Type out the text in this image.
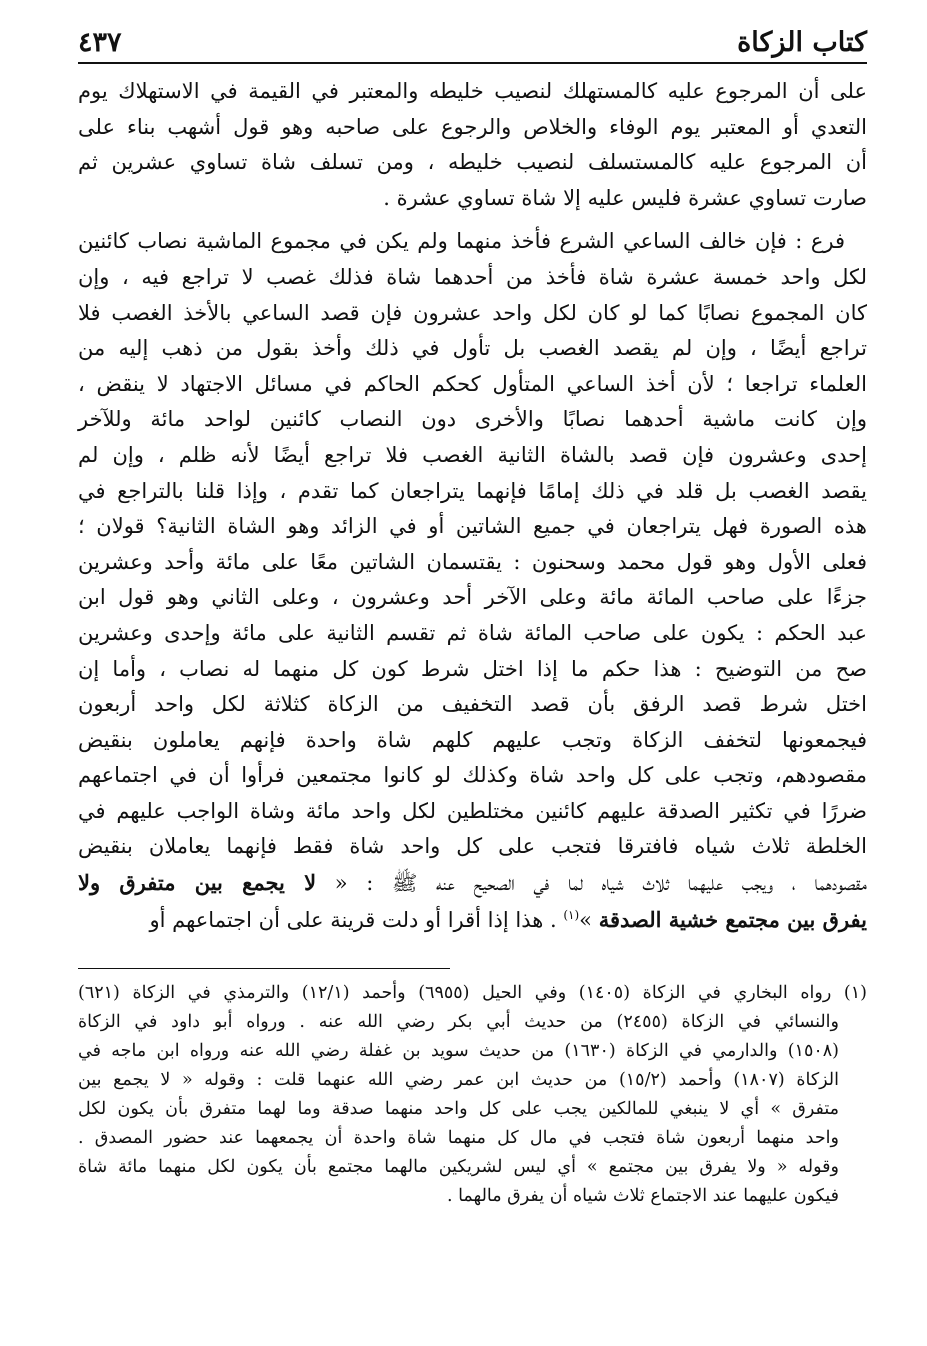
كتاب الزكاة
٤٣٧

على أن المرجوع عليه كالمستهلك لنصيب خليطه والمعتبر في القيمة في الاستهلاك يوم

التعدي أو المعتبر يوم الوفاء والخلاص والرجوع على صاحبه وهو قول أشهب بناء على

أن المرجوع عليه كالمستسلف لنصيب خليطه ، ومن تسلف شاة تساوي عشرين ثم

صارت تساوي عشرة فليس عليه إلا شاة تساوي عشرة .

فرع : فإن خالف الساعي الشرع فأخذ منهما ولم يكن في مجموع الماشية نصاب كائنين

لكل واحد خمسة عشرة شاة فأخذ من أحدهما شاة فذلك غصب لا تراجع فيه ، وإن

كان المجموع نصابًا كما لو كان لكل واحد عشرون فإن قصد الساعي بالأخذ الغصب فلا

تراجع أيضًا ، وإن لم يقصد الغصب بل تأول في ذلك وأخذ بقول من ذهب إليه من

العلماء تراجعا ؛ لأن أخذ الساعي المتأول كحكم الحاكم في مسائل الاجتهاد لا ينقض ،

وإن كانت ماشية أحدهما نصابًا والأخرى دون النصاب كائنين لواحد مائة وللآخر

إحدى وعشرون فإن قصد بالشاة الثانية الغصب فلا تراجع أيضًا لأنه ظلم ، وإن لم

يقصد الغصب بل قلد في ذلك إمامًا فإنهما يتراجعان كما تقدم ، وإذا قلنا بالتراجع في

هذه الصورة فهل يتراجعان في جميع الشاتين أو في الزائد وهو الشاة الثانية؟ قولان ؛

فعلى الأول وهو قول محمد وسحنون : يقتسمان الشاتين معًا على مائة وأحد وعشرين

جزءًا على صاحب المائة مائة وعلى الآخر أحد وعشرون ، وعلى الثاني وهو قول ابن

عبد الحكم : يكون على صاحب المائة شاة ثم تقسم الثانية على مائة وإحدى وعشرين

صح من التوضيح : هذا حكم ما إذا اختل شرط كون كل منهما له نصاب ، وأما إن

اختل شرط قصد الرفق بأن قصد التخفيف من الزكاة كثلاثة لكل واحد أربعون

فيجمعونها لتخفف الزكاة وتجب عليهم كلهم شاة واحدة فإنهم يعاملون بنقيض

مقصودهم، وتجب على كل واحد شاة وكذلك لو كانوا مجتمعين فرأوا أن في اجتماعهم

ضررًا في تكثير الصدقة عليهم كائنين مختلطين لكل واحد مائة وشاة الواجب عليهم في

الخلطة ثلاث شياه فافترقا فتجب على كل واحد شاة فقط فإنهما يعاملان بنقيض

مقصودهما ، ويجب عليهما ثلاث شياه لما في الصحيح عنه ﷺ : « لا يجمع بين متفرق ولا

يفرق بين مجتمع خشية الصدقة »$^{(١)}$ . هذا إذا أقرا أو دلت قرينة على أن اجتماعهم أو

(١) رواه البخاري في الزكاة (١٤٠٥) وفي الحيل (٦٩٥٥) وأحمد (١٢/١) والترمذي في الزكاة (٦٢١)

والنسائي في الزكاة (٢٤٥٥) من حديث أبي بكر رضي الله عنه . ورواه أبو داود في الزكاة

(١٥٠٨) والدارمي في الزكاة (١٦٣٠) من حديث سويد بن غفلة رضي الله عنه ورواه ابن ماجه في

الزكاة (١٨٠٧) وأحمد (١٥/٢) من حديث ابن عمر رضي الله عنهما قلت : وقوله « لا يجمع بين

متفرق » أي لا ينبغي للمالكين يجب على كل واحد منهما صدقة وما لهما متفرق بأن يكون لكل

واحد منهما أربعون شاة فتجب في مال كل منهما شاة واحدة أن يجمعهما عند حضور المصدق .

وقوله « ولا يفرق بين مجتمع » أي ليس لشريكين مالهما مجتمع بأن يكون لكل منهما مائة شاة

فيكون عليهما عند الاجتماع ثلاث شياه أن يفرق مالهما .
